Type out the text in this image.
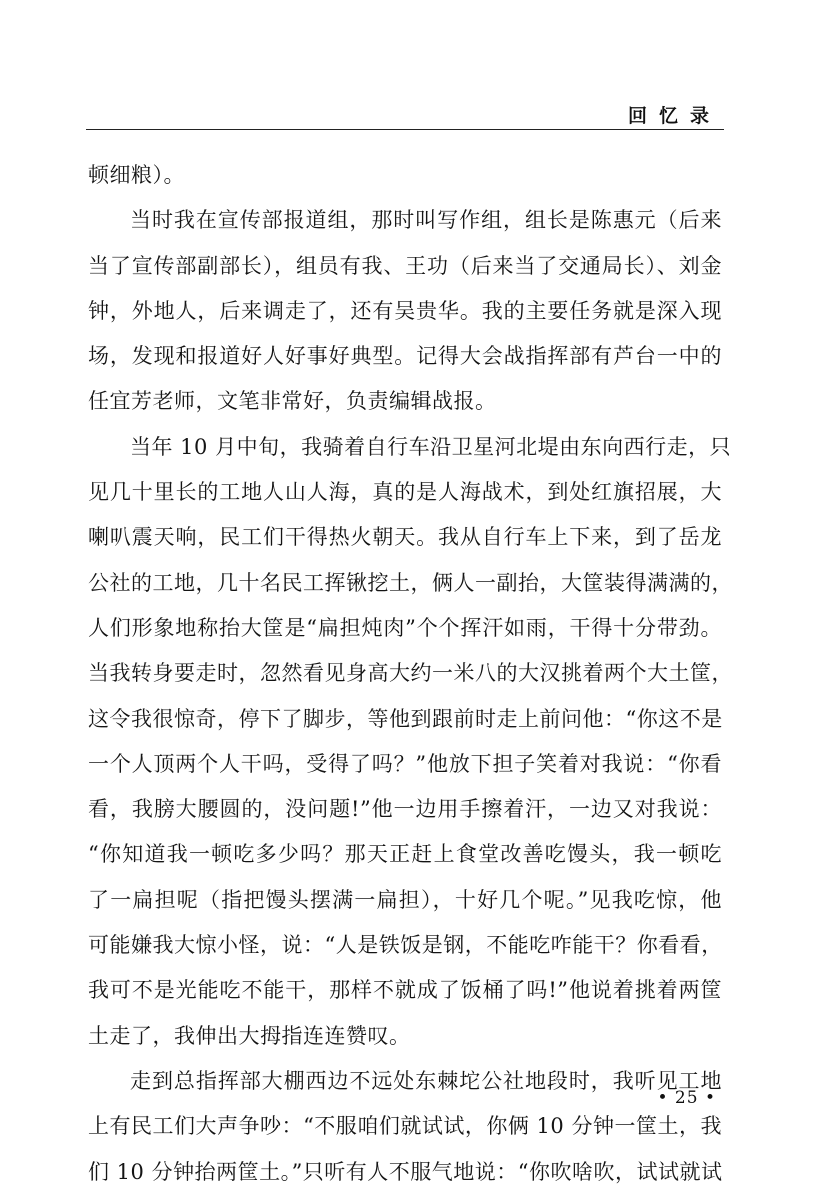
回忆录
顿细粮）。
当时我在宣传部报道组，那时叫写作组，组长是陈惠元（后来
当了宣传部副部长），组员有我、王功（后来当了交通局长）、刘金
钟，外地人，后来调走了，还有吴贵华。我的主要任务就是深入现
场，发现和报道好人好事好典型。记得大会战指挥部有芦台一中的
任宜芳老师，文笔非常好，负责编辑战报。
当年 10 月中旬，我骑着自行车沿卫星河北堤由东向西行走，只
见几十里长的工地人山人海，真的是人海战术，到处红旗招展，大
喇叭震天响，民工们干得热火朝天。我从自行车上下来，到了岳龙
公社的工地，几十名民工挥锹挖土，俩人一副抬，大筐装得满满的，
人们形象地称抬大筐是“扁担炖肉”个个挥汗如雨，干得十分带劲。
当我转身要走时，忽然看见身高大约一米八的大汉挑着两个大土筐，
这令我很惊奇，停下了脚步，等他到跟前时走上前问他：“你这不是
一个人顶两个人干吗，受得了吗？”他放下担子笑着对我说：“你看
看，我膀大腰圆的，没问题!”他一边用手擦着汗，一边又对我说：
“你知道我一顿吃多少吗？那天正赶上食堂改善吃馒头，我一顿吃
了一扁担呢（指把馒头摆满一扁担），十好几个呢。”见我吃惊，他
可能嫌我大惊小怪，说：“人是铁饭是钢，不能吃咋能干？你看看，
我可不是光能吃不能干，那样不就成了饭桶了吗!”他说着挑着两筐
土走了，我伸出大拇指连连赞叹。
走到总指挥部大棚西边不远处东棘坨公社地段时，我听见工地
上有民工们大声争吵：“不服咱们就试试，你俩 10 分钟一筐土，我
们 10 分钟抬两筐土。”只听有人不服气地说：“你吹啥吹，试试就试
• 25 •
